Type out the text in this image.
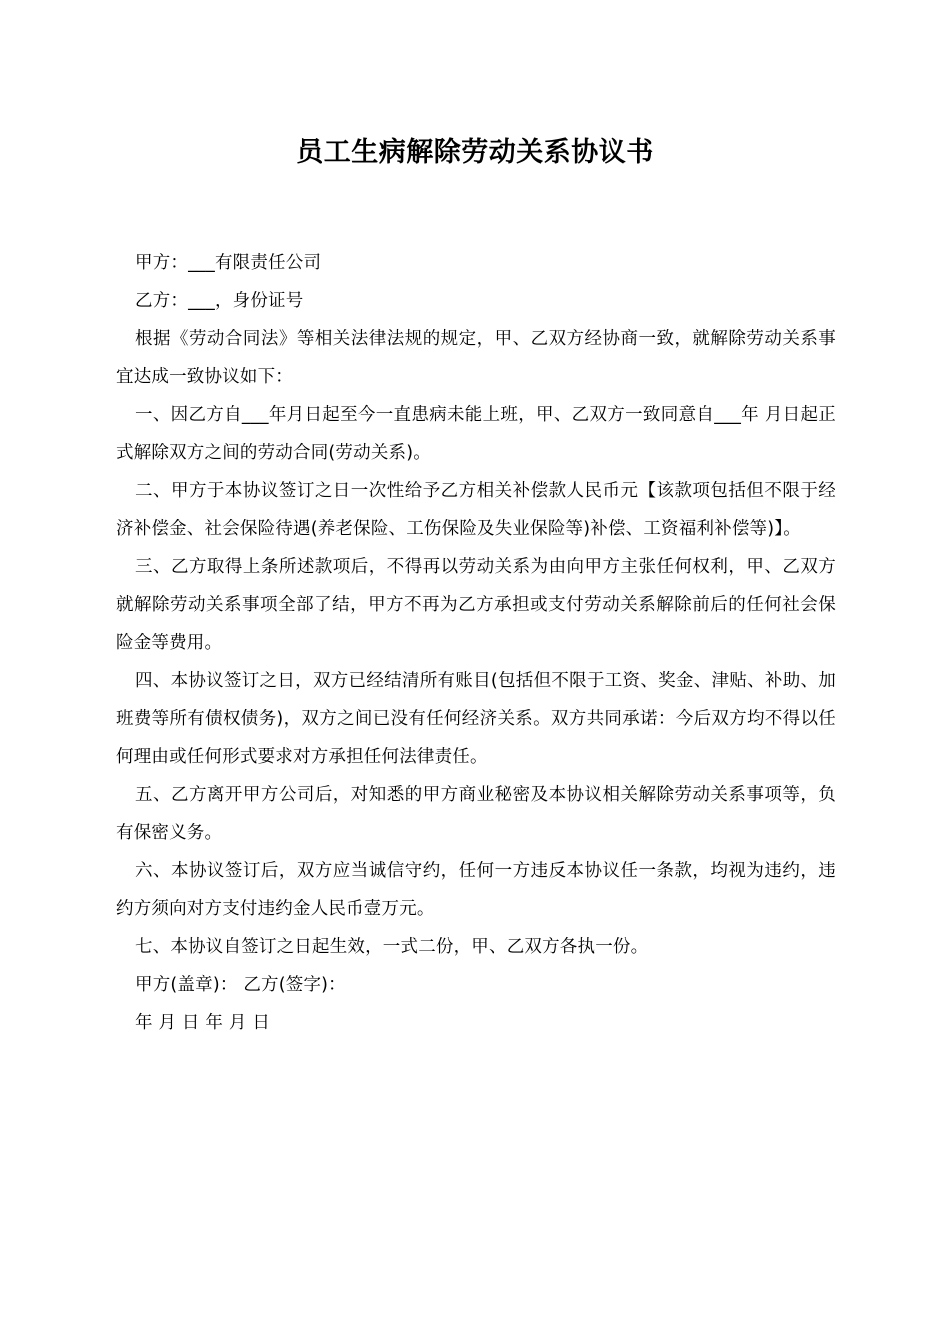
员工生病解除劳动关系协议书

甲方：___有限责任公司

乙方：___，身份证号

根据《劳动合同法》等相关法律法规的规定，甲、乙双方经协商一致，就解除劳动关系事宜达成一致协议如下：

一、因乙方自___年月日起至今一直患病未能上班，甲、乙双方一致同意自___年 月日起正式解除双方之间的劳动合同(劳动关系)。

二、甲方于本协议签订之日一次性给予乙方相关补偿款人民币元【该款项包括但不限于经济补偿金、社会保险待遇(养老保险、工伤保险及失业保险等)补偿、工资福利补偿等)】。

三、乙方取得上条所述款项后，不得再以劳动关系为由向甲方主张任何权利，甲、乙双方就解除劳动关系事项全部了结，甲方不再为乙方承担或支付劳动关系解除前后的任何社会保险金等费用。

四、本协议签订之日，双方已经结清所有账目(包括但不限于工资、奖金、津贴、补助、加班费等所有债权债务)，双方之间已没有任何经济关系。双方共同承诺：今后双方均不得以任何理由或任何形式要求对方承担任何法律责任。

五、乙方离开甲方公司后，对知悉的甲方商业秘密及本协议相关解除劳动关系事项等，负有保密义务。

六、本协议签订后，双方应当诚信守约，任何一方违反本协议任一条款，均视为违约，违约方须向对方支付违约金人民币壹万元。

七、本协议自签订之日起生效，一式二份，甲、乙双方各执一份。

甲方(盖章)： 乙方(签字)：

年 月 日 年 月 日
